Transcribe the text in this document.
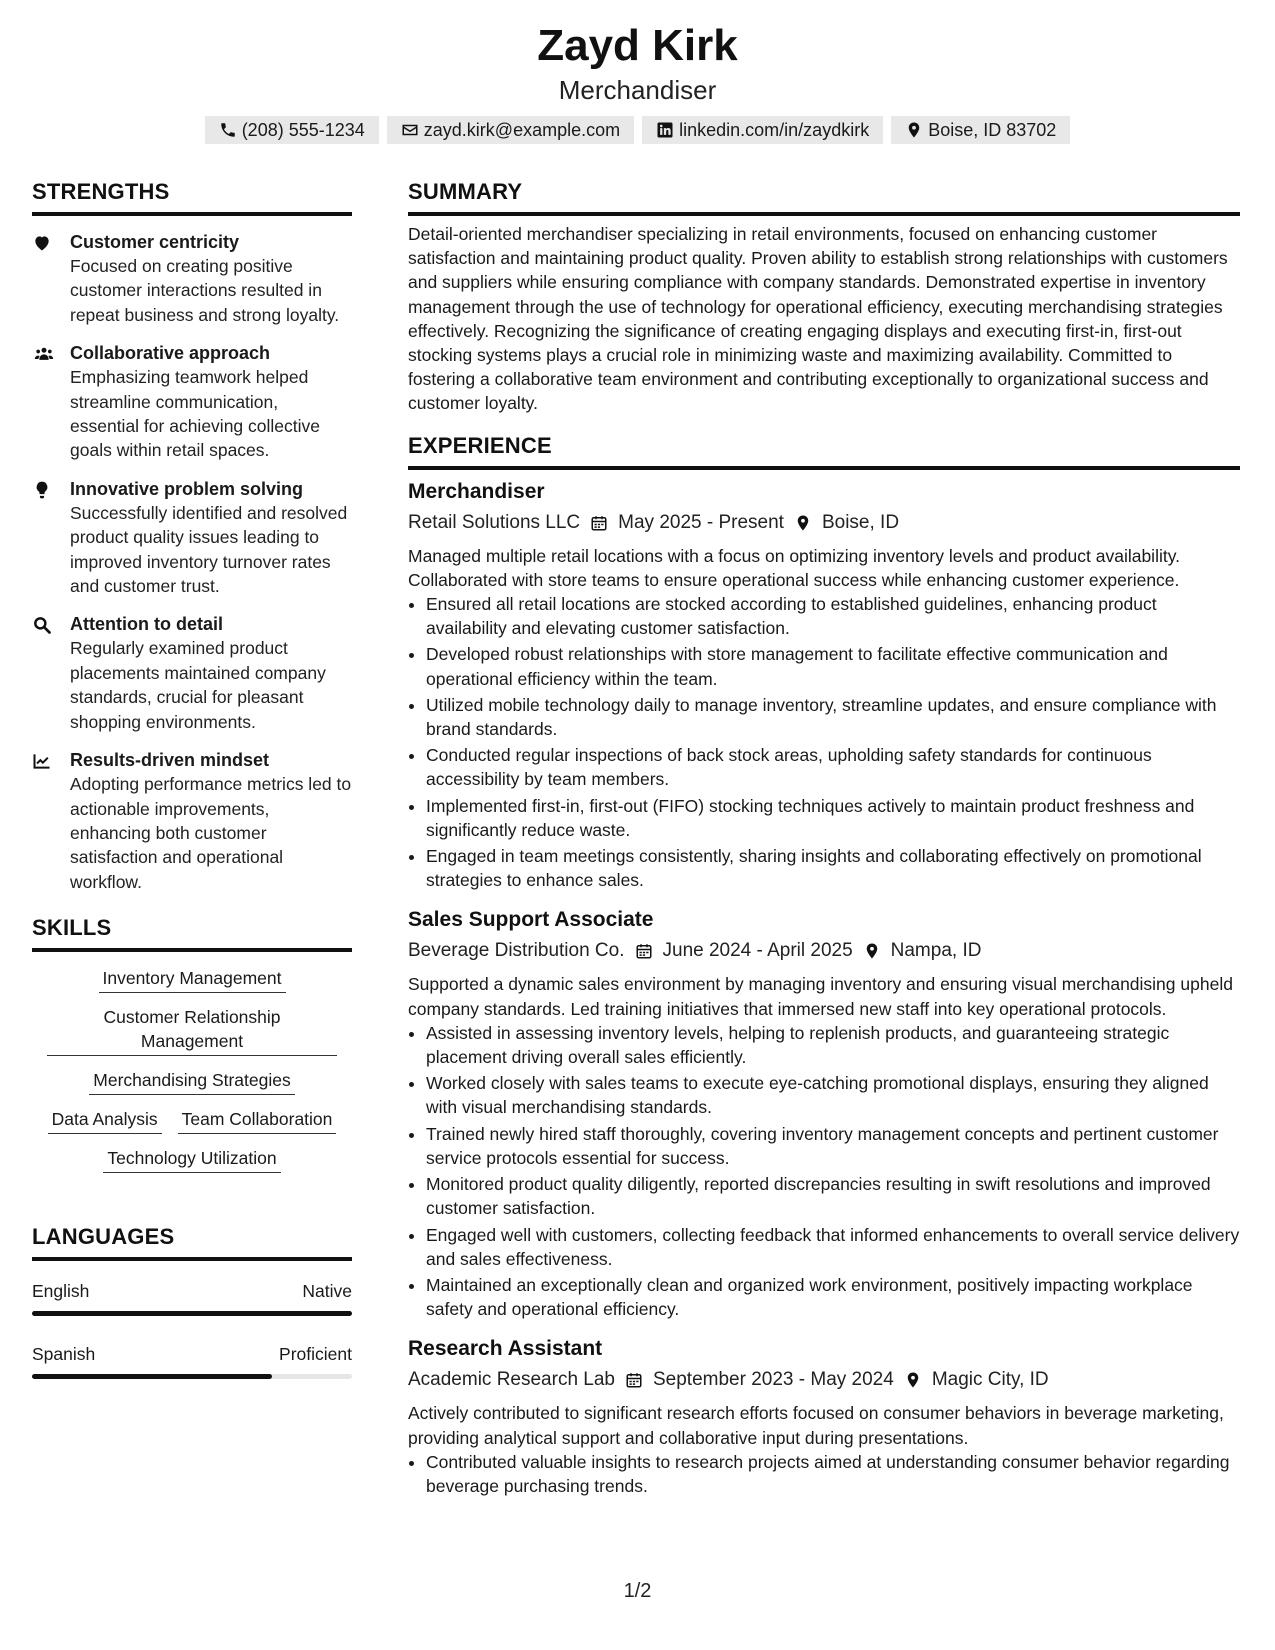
Zayd Kirk
Merchandiser
(208) 555-1234	zayd.kirk@example.com	linkedin.com/in/zaydkirk	Boise, ID 83702
STRENGTHS
Customer centricity
Focused on creating positive customer interactions resulted in repeat business and strong loyalty.
Collaborative approach
Emphasizing teamwork helped streamline communication, essential for achieving collective goals within retail spaces.
Innovative problem solving
Successfully identified and resolved product quality issues leading to improved inventory turnover rates and customer trust.
Attention to detail
Regularly examined product placements maintained company standards, crucial for pleasant shopping environments.
Results-driven mindset
Adopting performance metrics led to actionable improvements, enhancing both customer satisfaction and operational workflow.
SKILLS
Inventory Management
Customer Relationship Management
Merchandising Strategies
Data Analysis Team Collaboration
Technology Utilization
LANGUAGES
English	Native
Spanish	Proficient
SUMMARY
Detail-oriented merchandiser specializing in retail environments, focused on enhancing customer satisfaction and maintaining product quality. Proven ability to establish strong relationships with customers and suppliers while ensuring compliance with company standards. Demonstrated expertise in inventory management through the use of technology for operational efficiency, executing merchandising strategies effectively. Recognizing the significance of creating engaging displays and executing first-in, first-out stocking systems plays a crucial role in minimizing waste and maximizing availability. Committed to fostering a collaborative team environment and contributing exceptionally to organizational success and customer loyalty.
EXPERIENCE
Merchandiser
Retail Solutions LLC May 2025 - Present Boise, ID
Managed multiple retail locations with a focus on optimizing inventory levels and product availability. Collaborated with store teams to ensure operational success while enhancing customer experience.
• Ensured all retail locations are stocked according to established guidelines, enhancing product availability and elevating customer satisfaction.
• Developed robust relationships with store management to facilitate effective communication and operational efficiency within the team.
• Utilized mobile technology daily to manage inventory, streamline updates, and ensure compliance with brand standards.
• Conducted regular inspections of back stock areas, upholding safety standards for continuous accessibility by team members.
• Implemented first-in, first-out (FIFO) stocking techniques actively to maintain product freshness and significantly reduce waste.
• Engaged in team meetings consistently, sharing insights and collaborating effectively on promotional strategies to enhance sales.
Sales Support Associate
Beverage Distribution Co. June 2024 - April 2025 Nampa, ID
Supported a dynamic sales environment by managing inventory and ensuring visual merchandising upheld company standards. Led training initiatives that immersed new staff into key operational protocols.
• Assisted in assessing inventory levels, helping to replenish products, and guaranteeing strategic placement driving overall sales efficiently.
• Worked closely with sales teams to execute eye-catching promotional displays, ensuring they aligned with visual merchandising standards.
• Trained newly hired staff thoroughly, covering inventory management concepts and pertinent customer service protocols essential for success.
• Monitored product quality diligently, reported discrepancies resulting in swift resolutions and improved customer satisfaction.
• Engaged well with customers, collecting feedback that informed enhancements to overall service delivery and sales effectiveness.
• Maintained an exceptionally clean and organized work environment, positively impacting workplace safety and operational efficiency.
Research Assistant
Academic Research Lab September 2023 - May 2024 Magic City, ID
Actively contributed to significant research efforts focused on consumer behaviors in beverage marketing, providing analytical support and collaborative input during presentations.
• Contributed valuable insights to research projects aimed at understanding consumer behavior regarding beverage purchasing trends.
1/2
